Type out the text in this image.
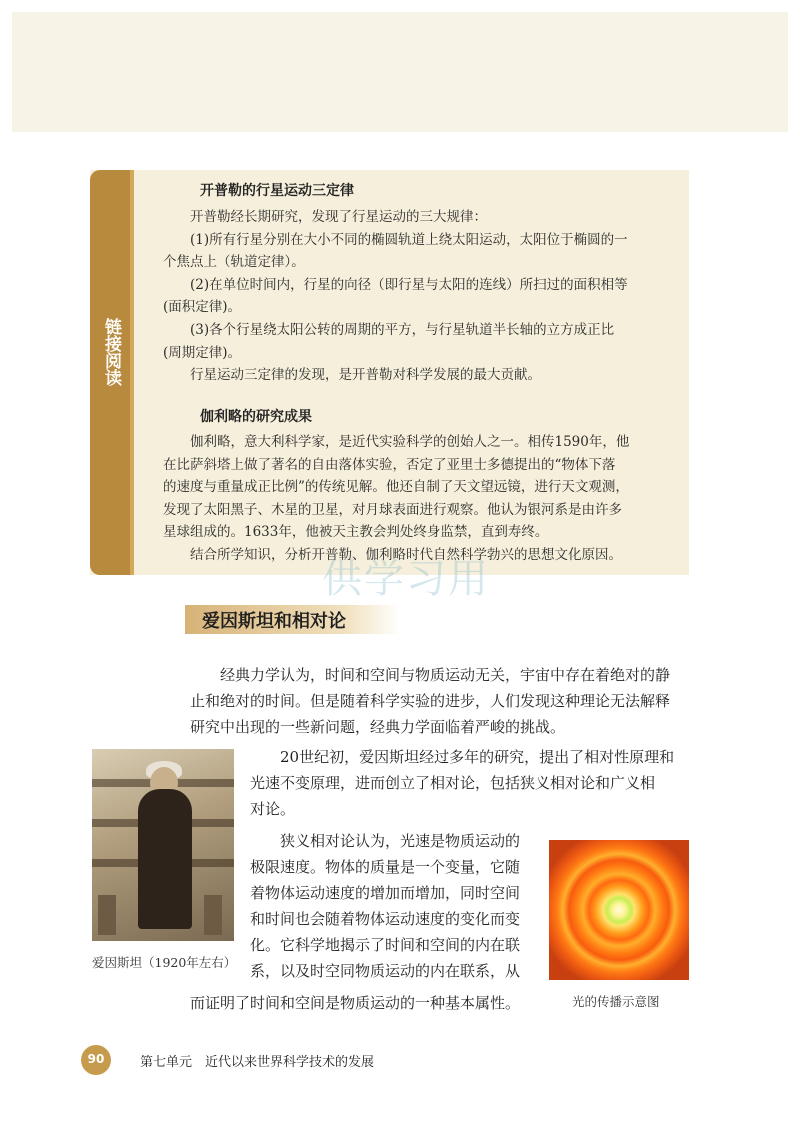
链接阅读
开普勒的行星运动三定律

开普勒经长期研究，发现了行星运动的三大规律：

(1)所有行星分别在大小不同的椭圆轨道上绕太阳运动，太阳位于椭圆的一

个焦点上（轨道定律）。

(2)在单位时间内，行星的向径（即行星与太阳的连线）所扫过的面积相等

(面积定律)。

(3)各个行星绕太阳公转的周期的平方，与行星轨道半长轴的立方成正比

(周期定律)。

行星运动三定律的发现，是开普勒对科学发展的最大贡献。

伽利略的研究成果

伽利略，意大利科学家，是近代实验科学的创始人之一。相传1590年，他

在比萨斜塔上做了著名的自由落体实验，否定了亚里士多德提出的“物体下落

的速度与重量成正比例”的传统见解。他还自制了天文望远镜，进行天文观测，

发现了太阳黑子、木星的卫星，对月球表面进行观察。他认为银河系是由许多

星球组成的。1633年，他被天主教会判处终身监禁，直到寿终。

结合所学知识，分析开普勒、伽利略时代自然科学勃兴的思想文化原因。

供学习用
爱因斯坦和相对论

经典力学认为，时间和空间与物质运动无关，宇宙中存在着绝对的静

止和绝对的时间。但是随着科学实验的进步，人们发现这种理论无法解释

研究中出现的一些新问题，经典力学面临着严峻的挑战。

爱因斯坦（1920年左右）

20世纪初，爱因斯坦经过多年的研究，提出了相对性原理和

光速不变原理，进而创立了相对论，包括狭义相对论和广义相

对论。

狭义相对论认为，光速是物质运动的

极限速度。物体的质量是一个变量，它随

着物体运动速度的增加而增加，同时空间

和时间也会随着物体运动速度的变化而变

化。它科学地揭示了时间和空间的内在联

系，以及时空同物质运动的内在联系，从

而证明了时间和空间是物质运动的一种基本属性。	光的传播示意图
90	第七单元　近代以来世界科学技术的发展
